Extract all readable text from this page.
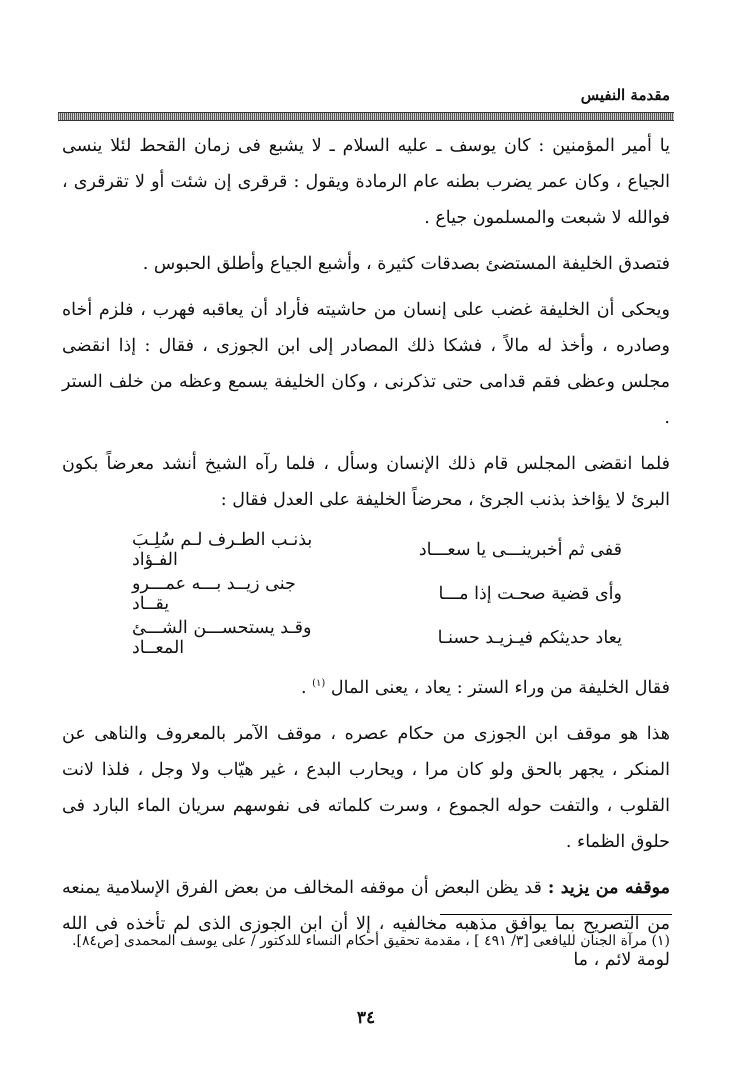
مقدمة النفيس

يا أمير المؤمنين : كان يوسف ـ عليه السلام ـ لا يشبع فى زمان القحط لئلا ينسى الجياع ، وكان عمر يضرب بطنه عام الرمادة ويقول : قرقرى إن شئت أو لا تقرقرى ، فوالله لا شبعت والمسلمون جياع .

فتصدق الخليفة المستضئ بصدقات كثيرة ، وأشبع الجياع وأطلق الحبوس .

ويحكى أن الخليفة غضب على إنسان من حاشيته فأراد أن يعاقبه فهرب ، فلزم أخاه وصادره ، وأخذ له مالاً ، فشكا ذلك المصادر إلى ابن الجوزى ، فقال : إذا انقضى مجلس وعظى فقم قدامى حتى تذكرنى ، وكان الخليفة يسمع وعظه من خلف الستر .

فلما انقضى المجلس قام ذلك الإنسان وسأل ، فلما رآه الشيخ أنشد معرضاً بكون البرئ لا يؤاخذ بذنب الجرئ ، محرضاً الخليفة على العدل فقال :

قفى ثم أخبرينـــى يا سعـــاد
بذنـب الطـرف لـم سُلِـبَ الفـؤاد
وأى قضية صحـت إذا مـــا
جنى زيــد بـــه عمـــرو يقــاد
يعاد حديثكم فيـزيـد حسنـا
وقـد يستحســـن الشـــئ المعــاد

فقال الخليفة من وراء الستر : يعاد ، يعنى المال $^{(١)}$ .

هذا هو موقف ابن الجوزى من حكام عصره ، موقف الآمر بالمعروف والناهى عن المنكر ، يجهر بالحق ولو كان مرا ، ويحارب البدع ، غير هيّاب ولا وجل ، فلذا لانت القلوب ، والتفت حوله الجموع ، وسرت كلماته فى نفوسهم سريان الماء البارد فى حلوق الظماء .

موقفه من يزيد : قد يظن البعض أن موقفه المخالف من بعض الفرق الإسلامية يمنعه من التصريح بما يوافق مذهبه مخالفيه ، إلا أن ابن الجوزى الذى لم تأخذه فى الله لومة لائم ، ما

(١) مرآة الجنان لليافعى [٣/ ٤٩١ ] ، مقدمة تحقيق أحكام النساء للدكتور / على يوسف المحمدى [ص٨٤].

٣٤
